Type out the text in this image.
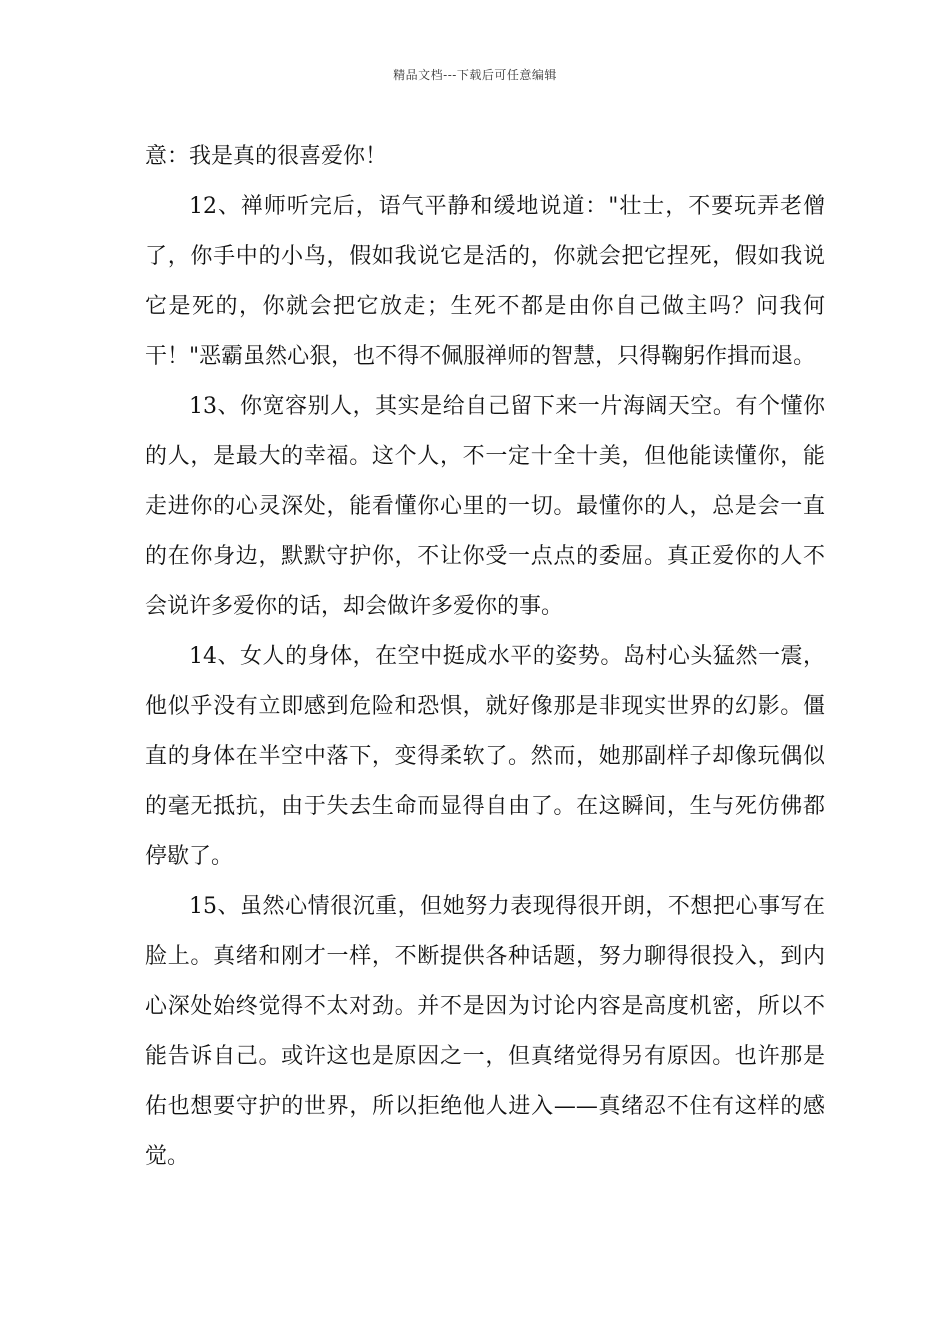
精品文档---下载后可任意编辑

意：我是真的很喜爱你！

12、禅师听完后，语气平静和缓地说道："壮士，不要玩弄老僧了，你手中的小鸟，假如我说它是活的，你就会把它捏死，假如我说它是死的，你就会把它放走；生死不都是由你自己做主吗？问我何干！"恶霸虽然心狠，也不得不佩服禅师的智慧，只得鞠躬作揖而退。

13、你宽容别人，其实是给自己留下来一片海阔天空。有个懂你的人，是最大的幸福。这个人，不一定十全十美，但他能读懂你，能走进你的心灵深处，能看懂你心里的一切。最懂你的人，总是会一直的在你身边，默默守护你，不让你受一点点的委屈。真正爱你的人不会说许多爱你的话，却会做许多爱你的事。

14、女人的身体，在空中挺成水平的姿势。岛村心头猛然一震，他似乎没有立即感到危险和恐惧，就好像那是非现实世界的幻影。僵直的身体在半空中落下，变得柔软了。然而，她那副样子却像玩偶似的毫无抵抗，由于失去生命而显得自由了。在这瞬间，生与死仿佛都停歇了。

15、虽然心情很沉重，但她努力表现得很开朗，不想把心事写在脸上。真绪和刚才一样，不断提供各种话题，努力聊得很投入，到内心深处始终觉得不太对劲。并不是因为讨论内容是高度机密，所以不能告诉自己。或许这也是原因之一，但真绪觉得另有原因。也许那是佑也想要守护的世界，所以拒绝他人进入——真绪忍不住有这样的感觉。
